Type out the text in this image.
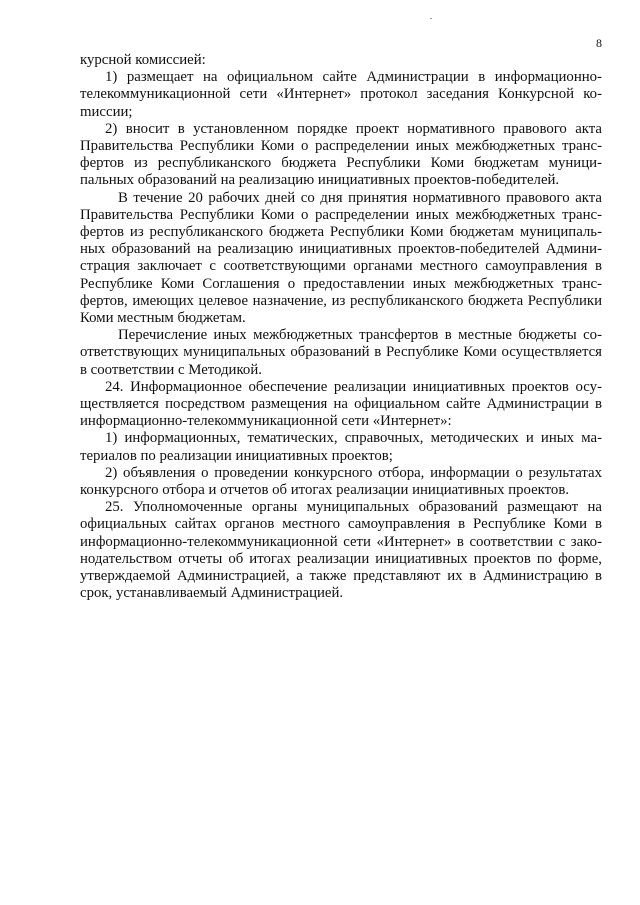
8

курсной комиссией:

1) размещает на официальном сайте Администрации в информационно-телекоммуникационной сети «Интернет» протокол заседания Конкурсной коmиссии;

2) вносит в установленном порядке проект нормативного правового акта Правительства Республики Коми о распределении иных межбюджетных трансфертов из республиканского бюджета Республики Коми бюджетам муниципальных образований на реализацию инициативных проектов-победителей.

В течение 20 рабочих дней со дня принятия нормативного правового акта Правительства Республики Коми о распределении иных межбюджетных трансфертов из республиканского бюджета Республики Коми бюджетам муниципальных образований на реализацию инициативных проектов-победителей Администрация заключает с соответствующими органами местного самоуправления в Республике Коми Соглашения о предоставлении иных межбюджетных трансфертов, имеющих целевое назначение, из республиканского бюджета Республики Коми местным бюджетам.

Перечисление иных межбюджетных трансфертов в местные бюджеты соответствующих муниципальных образований в Республике Коми осуществляется в соответствии с Методикой.

24. Информационное обеспечение реализации инициативных проектов осуществляется посредством размещения на официальном сайте Администрации в информационно-телекоммуникационной сети «Интернет»:

1) информационных, тематических, справочных, методических и иных материалов по реализации инициативных проектов;

2) объявления о проведении конкурсного отбора, информации о результатах конкурсного отбора и отчетов об итогах реализации инициативных проектов.

25. Уполномоченные органы муниципальных образований размещают на официальных сайтах органов местного самоуправления в Республике Коми в информационно-телекоммуникационной сети «Интернет» в соответствии с законодательством отчеты об итогах реализации инициативных проектов по форме, утверждаемой Администрацией, а также представляют их в Администрацию в срок, устанавливаемый Администрацией.
